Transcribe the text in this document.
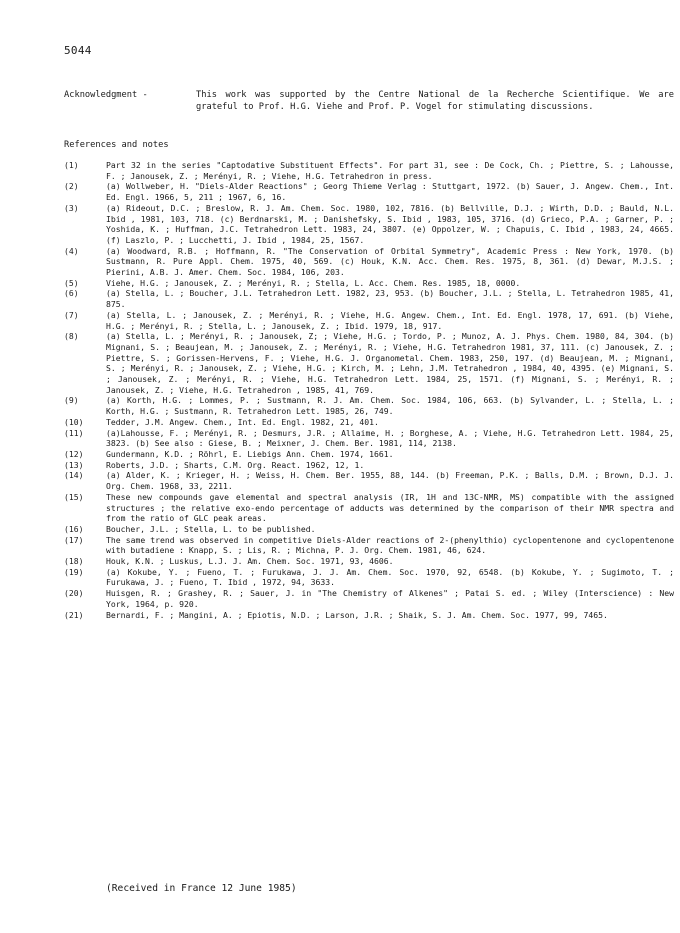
5044
Acknowledgment -	This work was supported by the Centre National de la Recherche Scientifique. We are grateful to Prof. H.G. Viehe and Prof. P. Vogel for stimulating discussions.
References and notes

(1)	Part 32 in the series "Captodative Substituent Effects". For part 31, see : De Cock, Ch. ; Piettre, S. ; Lahousse, F. ; Janousek, Z. ; Merényi, R. ; Viehe, H.G. Tetrahedron in press.

(2)	(a) Wollweber, H. "Diels-Alder Reactions" ; Georg Thieme Verlag : Stuttgart, 1972. (b) Sauer, J. Angew. Chem., Int. Ed. Engl. 1966, 5, 211 ; 1967, 6, 16.

(3)	(a) Rideout, D.C. ; Breslow, R. J. Am. Chem. Soc. 1980, 102, 7816. (b) Bellville, D.J. ; Wirth, D.D. ; Bauld, N.L. Ibid , 1981, 103, 718. (c) Berdnarski, M. ; Danishefsky, S. Ibid , 1983, 105, 3716. (d) Grieco, P.A. ; Garner, P. ; Yoshida, K. ; Huffman, J.C. Tetrahedron Lett. 1983, 24, 3807. (e) Oppolzer, W. ; Chapuis, C. Ibid , 1983, 24, 4665. (f) Laszlo, P. ; Lucchetti, J. Ibid , 1984, 25, 1567.

(4)	(a) Woodward, R.B. ; Hoffmann, R. "The Conservation of Orbital Symmetry", Academic Press : New York, 1970. (b) Sustmann, R. Pure Appl. Chem. 1975, 40, 569. (c) Houk, K.N. Acc. Chem. Res. 1975, 8, 361. (d) Dewar, M.J.S. ; Pierini, A.B. J. Amer. Chem. Soc. 1984, 106, 203.

(5)	Viehe, H.G. ; Janousek, Z. ; Merényi, R. ; Stella, L. Acc. Chem. Res. 1985, 18, 0000.

(6)	(a) Stella, L. ; Boucher, J.L. Tetrahedron Lett. 1982, 23, 953. (b) Boucher, J.L. ; Stella, L. Tetrahedron 1985, 41, 875.

(7)	(a) Stella, L. ; Janousek, Z. ; Merényi, R. ; Viehe, H.G. Angew. Chem., Int. Ed. Engl. 1978, 17, 691. (b) Viehe, H.G. ; Merényi, R. ; Stella, L. ; Janousek, Z. ; Ibid. 1979, 18, 917.

(8)	(a) Stella, L. ; Merényi, R. ; Janousek, Z; ; Viehe, H.G. ; Tordo, P. ; Munoz, A. J. Phys. Chem. 1980, 84, 304. (b) Mignani, S. ; Beaujean, M. ; Janousek, Z. ; Merényi, R. ; Viehe, H.G. Tetrahedron 1981, 37, 111. (c) Janousek, Z. ; Piettre, S. ; Gorissen-Hervens, F. ; Viehe, H.G. J. Organometal. Chem. 1983, 250, 197. (d) Beaujean, M. ; Mignani, S. ; Merényi, R. ; Janousek, Z. ; Viehe, H.G. ; Kirch, M. ; Lehn, J.M. Tetrahedron , 1984, 40, 4395. (e) Mignani, S. ; Janousek, Z. ; Merényi, R. ; Viehe, H.G. Tetrahedron Lett. 1984, 25, 1571. (f) Mignani, S. ; Merényi, R. ; Janousek, Z. ; Viehe, H.G. Tetrahedron , 1985, 41, 769.

(9)	(a) Korth, H.G. ; Lommes, P. ; Sustmann, R. J. Am. Chem. Soc. 1984, 106, 663. (b) Sylvander, L. ; Stella, L. ; Korth, H.G. ; Sustmann, R. Tetrahedron Lett. 1985, 26, 749.

(10)	Tedder, J.M. Angew. Chem., Int. Ed. Engl. 1982, 21, 401.

(11)	(a)Lahousse, F. ; Merényi, R. ; Desmurs, J.R. ; Allaime, H. ; Borghese, A. ; Viehe, H.G. Tetrahedron Lett. 1984, 25, 3823. (b) See also : Giese, B. ; Meixner, J. Chem. Ber. 1981, 114, 2138.

(12)	Gundermann, K.D. ; Röhrl, E. Liebigs Ann. Chem. 1974, 1661.

(13)	Roberts, J.D. ; Sharts, C.M. Org. React. 1962, 12, 1.

(14)	(a) Alder, K. ; Krieger, H. ; Weiss, H. Chem. Ber. 1955, 88, 144. (b) Freeman, P.K. ; Balls, D.M. ; Brown, D.J. J. Org. Chem. 1968, 33, 2211.

(15)	These new compounds gave elemental and spectral analysis (IR, 1H and 13C-NMR, MS) compatible with the assigned structures ; the relative exo-endo percentage of adducts was determined by the comparison of their NMR spectra and from the ratio of GLC peak areas.

(16)	Boucher, J.L. ; Stella, L. to be published.

(17)	The same trend was observed in competitive Diels-Alder reactions of 2-(phenylthio) cyclopentenone and cyclopentenone with butadiene : Knapp, S. ; Lis, R. ; Michna, P. J. Org. Chem. 1981, 46, 624.

(18)	Houk, K.N. ; Luskus, L.J. J. Am. Chem. Soc. 1971, 93, 4606.

(19)	(a) Kokube, Y. ; Fueno, T. ; Furukawa, J. J. Am. Chem. Soc. 1970, 92, 6548. (b) Kokube, Y. ; Sugimoto, T. ; Furukawa, J. ; Fueno, T. Ibid , 1972, 94, 3633.

(20)	Huisgen, R. ; Grashey, R. ; Sauer, J. in "The Chemistry of Alkenes" ; Patai S. ed. ; Wiley (Interscience) : New York, 1964, p. 920.

(21)	Bernardi, F. ; Mangini, A. ; Epiotis, N.D. ; Larson, J.R. ; Shaik, S. J. Am. Chem. Soc. 1977, 99, 7465.

(Received in France 12 June 1985)
